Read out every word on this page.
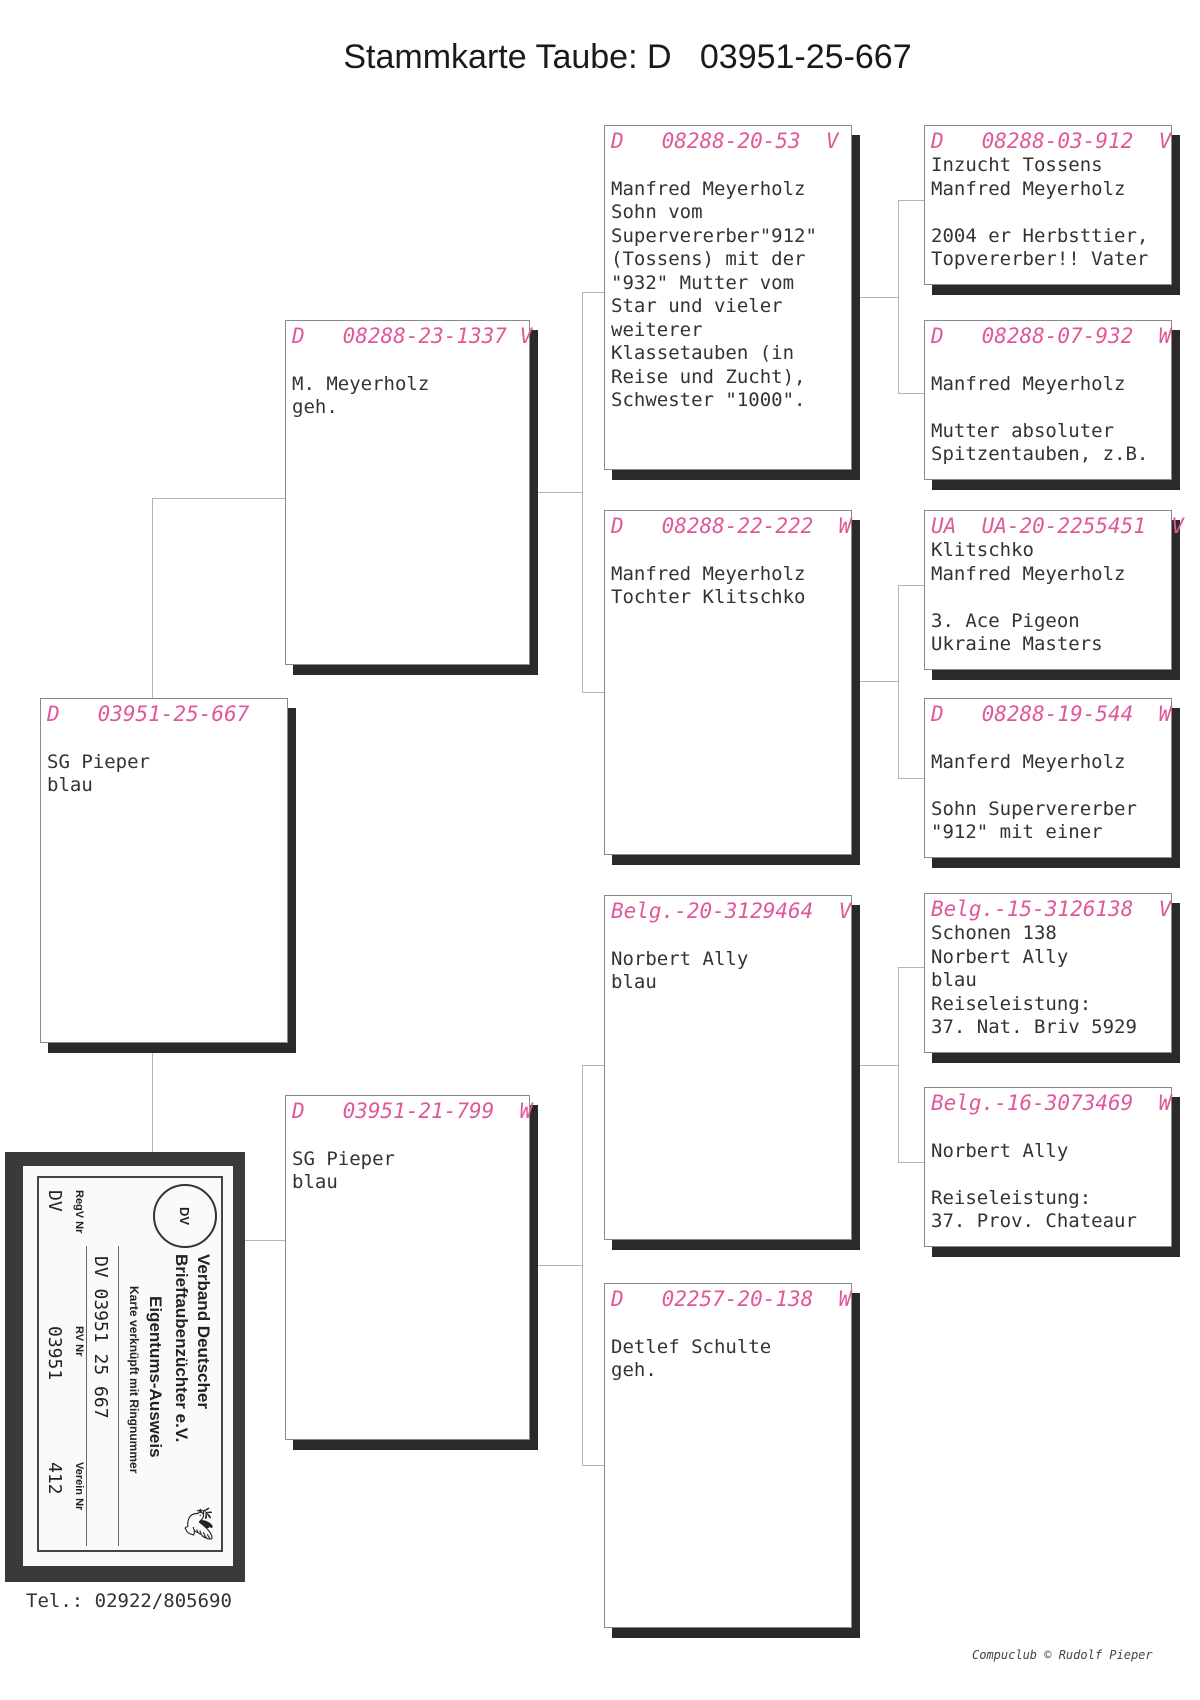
Stammkarte Taube: D   03951-25-667
D   03951-25-667
SG Pieper
blau
D   08288-23-1337 V
M. Meyerholz
geh.
D   03951-21-799  W
SG Pieper
blau
D   08288-20-53  V
Manfred Meyerholz
Sohn vom
Supervererber"912"
(Tossens) mit der
"932" Mutter vom
Star und vieler
weiterer
Klassetauben (in
Reise und Zucht),
Schwester "1000".
D   08288-22-222  W
Manfred Meyerholz
Tochter Klitschko
Belg.-20-3129464  V
Norbert Ally
blau
D   02257-20-138  W
Detlef Schulte
geh.
D   08288-03-912  V
Inzucht Tossens
Manfred Meyerholz
2004 er Herbsttier,
Topvererber!! Vater
D   08288-07-932  W
Manfred Meyerholz
Mutter absoluter
Spitzentauben, z.B.
UA  UA-20-2255451  V
Klitschko
Manfred Meyerholz
3. Ace Pigeon
Ukraine Masters
D   08288-19-544  W
Manferd Meyerholz
Sohn Supervererber
"912" mit einer
Belg.-15-3126138  V
Schonen 138
Norbert Ally
blau
Reiseleistung:
37. Nat. Briv 5929
Belg.-16-3073469  W
Norbert Ally
Reiseleistung:
37. Prov. Chateaur
DV
Verband Deutscher
Brieftaubenzüchter e.V.
🕊
Eigentums-Ausweis
Karte verknüpft mit Ringnummer
DV 03951 25 667
RegV Nr
RV Nr
Verein Nr
DV
03951
412
Tel.: 02922/805690
Compuclub © Rudolf Pieper
